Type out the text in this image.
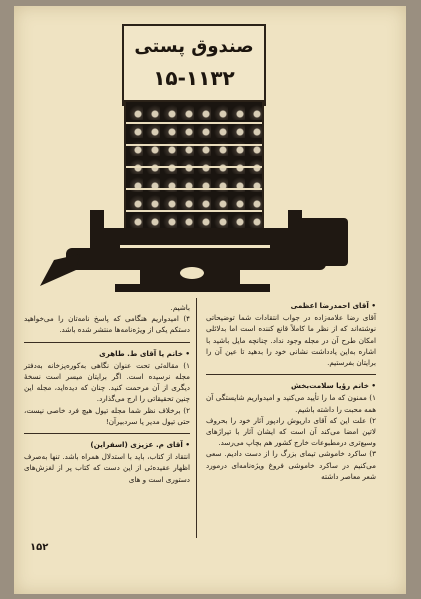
صندوق پستی
۱۵-۱۱۳۲
• آقای احمدرضا اعظمی
آقای رضا علامه‌زاده در جواب انتقادات شما توضیحاتی نوشته‌اند که از نظر ما کاملاً قانع کننده است اما بدلائلی امکان طرح آن در مجله وجود نداد. چنانچه مایل باشید با اشاره به‌این یادداشت نشانی خود را بدهید تا عین آن را برایتان بفرستیم.
• خانم رؤیا سلامت‌بخش
۱) ممنون که ما را تأیید می‌کنید و امیدواریم شایستگی آن همه محبت را داشته باشیم.
۲) علت این که آقای داریوش رادپور آثار خود را بحروف لاتین امضا می‌کند آن است که ایشان آثار با تیراژهای وسیع‌تری درمطبوعات خارج کشور هم بچاپ می‌رسد.
۳) ساکرد خاموشی تیمای بزرگ را از دست دادیم. سعی می‌کنیم در ساکرد خاموشی فروغ ویژه‌نامه‌ای درمورد شعر معاصر داشته
باشیم.
۴) امیدواریم هنگامی که پاسخ نامه‌تان را می‌خواهید دستکم یکی از ویژه‌نامه‌ها منتشر شده باشد.
• خانم یا آقای ط. طاهری
۱) مقاله‌ئی تحت عنوان نگاهی به‌کوره‌پزخانه به‌دفتر مجله نرسیده است. اگر برایتان میسر است نسخهٔ دیگری از آن مرحمت کنید. چنان که دیده‌اید، مجله این چنین تحقیقاتی را ارج می‌گذارد.
۲) برخلاف نظر شما مجله تیول هیچ فرد خاصی نیست، حتی تیول مدیر یا سردبیرآن!
• آقای م. عزیزی (اسفراین)
انتقاد از کتاب، باید با استدلال همراه باشد. تنها به‌صرف اظهار عقیده‌ئی از این دست که کتاب پر از لغزش‌های دستوری است و های
۱۵۲
